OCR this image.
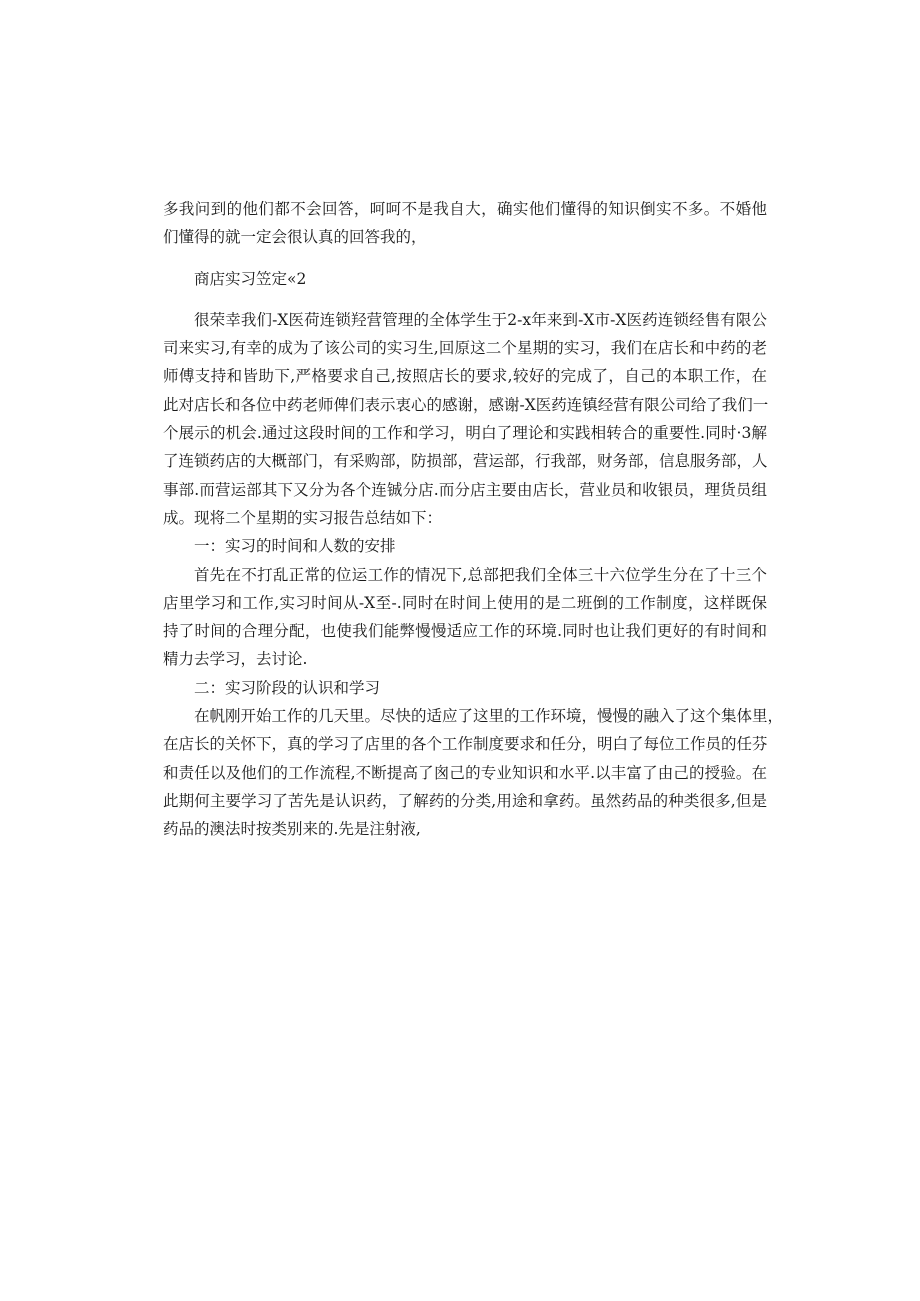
多我问到的他们都不会回答，呵呵不是我自大，确实他们懂得的知识倒实不多。不婚他
们懂得的就一定会很认真的回答我的，
商店实习笠定«2
很荣幸我们-X医荷连锁羟营管理的全体学生于2-x年来到-X市-X医药连锁经售有限公
司来实习,有幸的成为了该公司的实习生,回原这二个星期的实习，我们在店长和中药的老
师傅支持和皆助下,严格要求自己,按照店长的要求,较好的完成了，自己的本职工作，在
此对店长和各位中药老师俾们表示衷心的感谢，感谢-X医药连镇经营有限公司给了我们一
个展示的机会.通过这段时间的工作和学习，明白了理论和实践相转合的重要性.同时·3解
了连锁药店的大概部门，有采购部，防损部，营运部，行我部，财务部，信息服务部，人
事部.而营运部其下又分为各个连铖分店.而分店主要由店长，营业员和收银员，理货员组
成。现将二个星期的实习报告总结如下：
一：实习的时间和人数的安排
首先在不打乱正常的位运工作的情况下,总部把我们全体三十六位学生分在了十三个
店里学习和工作,实习时间从-X至-.同时在时间上使用的是二班倒的工作制度，这样既保
持了时间的合理分配，也使我们能弊慢慢适应工作的环境.同时也让我们更好的有时间和
精力去学习，去讨论.
二：实习阶段的认识和学习
在帆刚开始工作的几天里。尽快的适应了这里的工作环境，慢慢的融入了这个集体里，
在店长的关怀下，真的学习了店里的各个工作制度要求和任分，明白了每位工作员的任芬
和责任以及他们的工作流程,不断提高了囪己的专业知识和水平.以丰富了由己的授验。在
此期何主要学习了苦先是认识药，了解药的分类,用途和拿药。虽然药品的种类很多,但是
药品的澳法时按类别来的.先是注射液,
